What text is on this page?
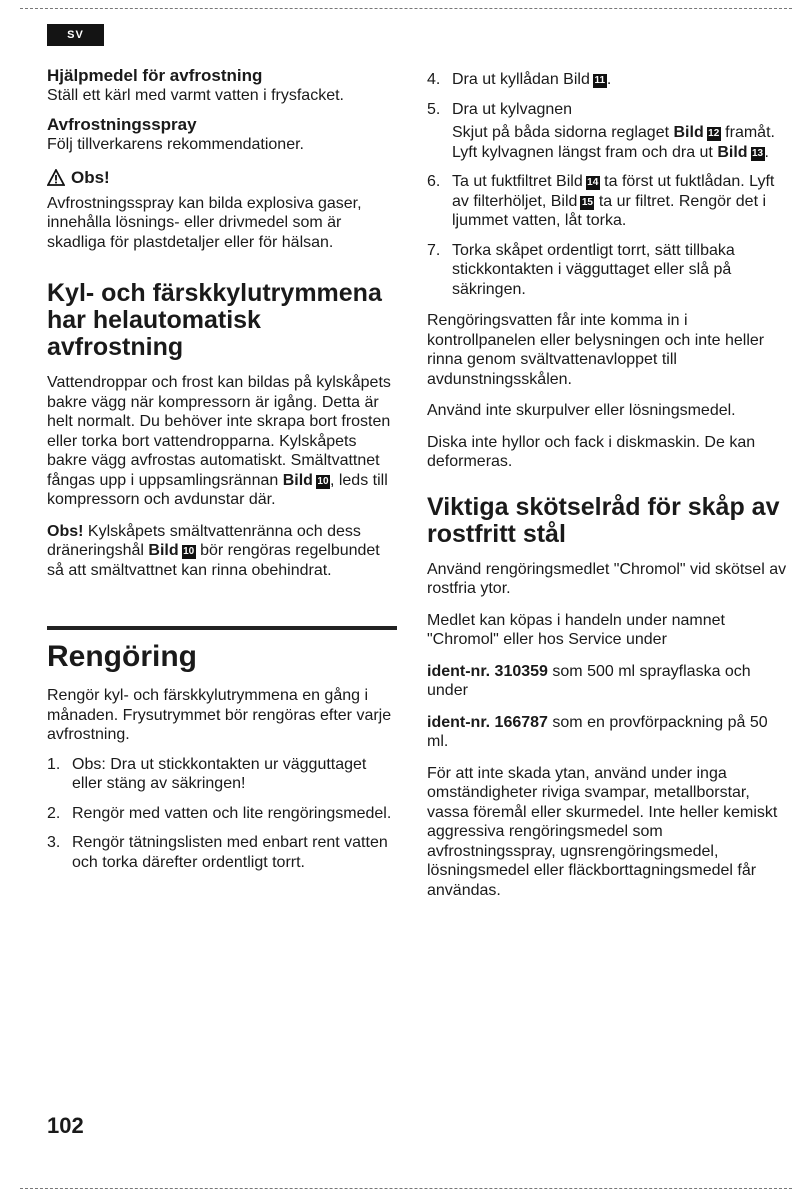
SV

Hjälpmedel för avfrostning

Ställ ett kärl med varmt vatten i frysfacket.

Avfrostningsspray

Följ tillverkarens rekommendationer.

Obs!

Avfrostningsspray kan bilda explosiva gaser, innehålla lösnings- eller drivmedel som är skadliga för plastdetaljer eller för hälsan.

Kyl- och färskkylutrymmena har helautomatisk avfrostning

Vattendroppar och frost kan bildas på kylskåpets bakre vägg när kompressorn är igång. Detta är helt normalt. Du behöver inte skrapa bort frosten eller torka bort vattendropparna. Kylskåpets bakre vägg avfrostas automatiskt. Smältvattnet fångas upp i uppsamlingsrännan Bild 10, leds till kompressorn och avdunstar där.

Obs! Kylskåpets smältvattenränna och dess dräneringshål Bild 10 bör rengöras regelbundet så att smältvattnet kan rinna obehindrat.

Rengöring

Rengör kyl- och färskkylutrymmena en gång i månaden. Frysutrymmet bör rengöras efter varje avfrostning.

1. Obs: Dra ut stickkontakten ur vägguttaget eller stäng av säkringen!
2. Rengör med vatten och lite rengöringsmedel.
3. Rengör tätningslisten med enbart rent vatten och torka därefter ordentligt torrt.
102
4. Dra ut kyllådan Bild 11 .
5. Dra ut kylvagnen

Skjut på båda sidorna reglaget Bild 12 framåt. Lyft kylvagnen längst fram och dra ut Bild 13.

6. Ta ut fuktfiltret Bild 14 ta först ut fuktlådan. Lyft av filterhöljet, Bild 15 ta ur filtret. Rengör det i ljummet vatten, låt torka.
7. Torka skåpet ordentligt torrt, sätt tillbaka stickkontakten i vägguttaget eller slå på säkringen.

Rengöringsvatten får inte komma in i kontrollpanelen eller belysningen och inte heller rinna genom svältvattenavloppet till avdunstningsskålen.

Använd inte skurpulver eller lösningsmedel.

Diska inte hyllor och fack i diskmaskin. De kan deformeras.

Viktiga skötselråd för skåp av rostfritt stål

Använd rengöringsmedlet "Chromol" vid skötsel av rostfria ytor.

Medlet kan köpas i handeln under namnet "Chromol" eller hos Service under

ident-nr. 310359 som 500 ml sprayflaska och under

ident-nr. 166787 som en provförpackning på 50 ml.

För att inte skada ytan, använd under inga omständigheter riviga svampar, metallborstar, vassa föremål eller skurmedel. Inte heller kemiskt aggressiva rengöringsmedel som avfrostningsspray, ugnsrengöringsmedel, lösningsmedel eller fläckborttagningsmedel får användas.
